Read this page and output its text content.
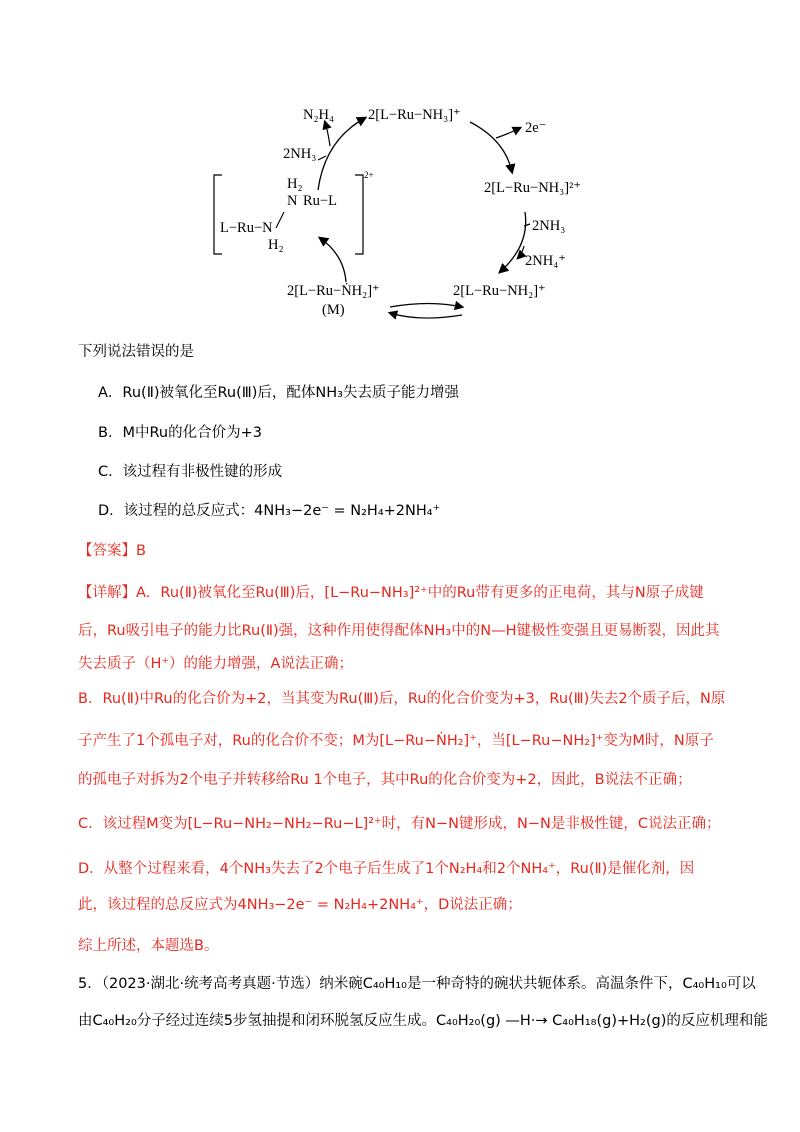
N₂H₄ 2[L−Ru−NH₃]⁺
2e⁻
2NH₃
2[L−Ru−NH₃]²⁺
2NH₃
2NH₄⁺
2[L−Ru−NH₂]⁺
2[L−Ru−ṄH₂]⁺
(M)
H₂
N Ru−L
L−Ru−N
H₂
2+
下列说法错误的是
A．Ru(Ⅱ)被氧化至Ru(Ⅲ)后，配体NH₃失去质子能力增强
B．M中Ru的化合价为+3
C．该过程有非极性键的形成
D．该过程的总反应式：4NH₃−2e⁻ = N₂H₄+2NH₄⁺
【答案】B
【详解】A．Ru(Ⅱ)被氧化至Ru(Ⅲ)后，[L−Ru−NH₃]²⁺中的Ru带有更多的正电荷，其与N原子成键
后，Ru吸引电子的能力比Ru(Ⅱ)强，这种作用使得配体NH₃中的N—H键极性变强且更易断裂，因此其
失去质子（H⁺）的能力增强，A说法正确；
B．Ru(Ⅱ)中Ru的化合价为+2，当其变为Ru(Ⅲ)后，Ru的化合价变为+3，Ru(Ⅲ)失去2个质子后，N原
子产生了1个孤电子对，Ru的化合价不变；M为[L−Ru−ṄH₂]⁺，当[L−Ru−NH₂]⁺变为M时，N原子
的孤电子对拆为2个电子并转移给Ru 1个电子，其中Ru的化合价变为+2，因此，B说法不正确；
C．该过程M变为[L−Ru−NH₂−NH₂−Ru−L]²⁺时，有N−N键形成，N−N是非极性键，C说法正确；
D．从整个过程来看，4个NH₃失去了2个电子后生成了1个N₂H₄和2个NH₄⁺，Ru(Ⅱ)是催化剂，因
此，该过程的总反应式为4NH₃−2e⁻ = N₂H₄+2NH₄⁺，D说法正确；
综上所述，本题选B。
5．（2023·湖北·统考高考真题·节选）纳米碗C₄₀H₁₀是一种奇特的碗状共轭体系。高温条件下，C₄₀H₁₀可以
由C₄₀H₂₀分子经过连续5步氢抽提和闭环脱氢反应生成。C₄₀H₂₀(g) —H·→ C₄₀H₁₈(g)+H₂(g)的反应机理和能
